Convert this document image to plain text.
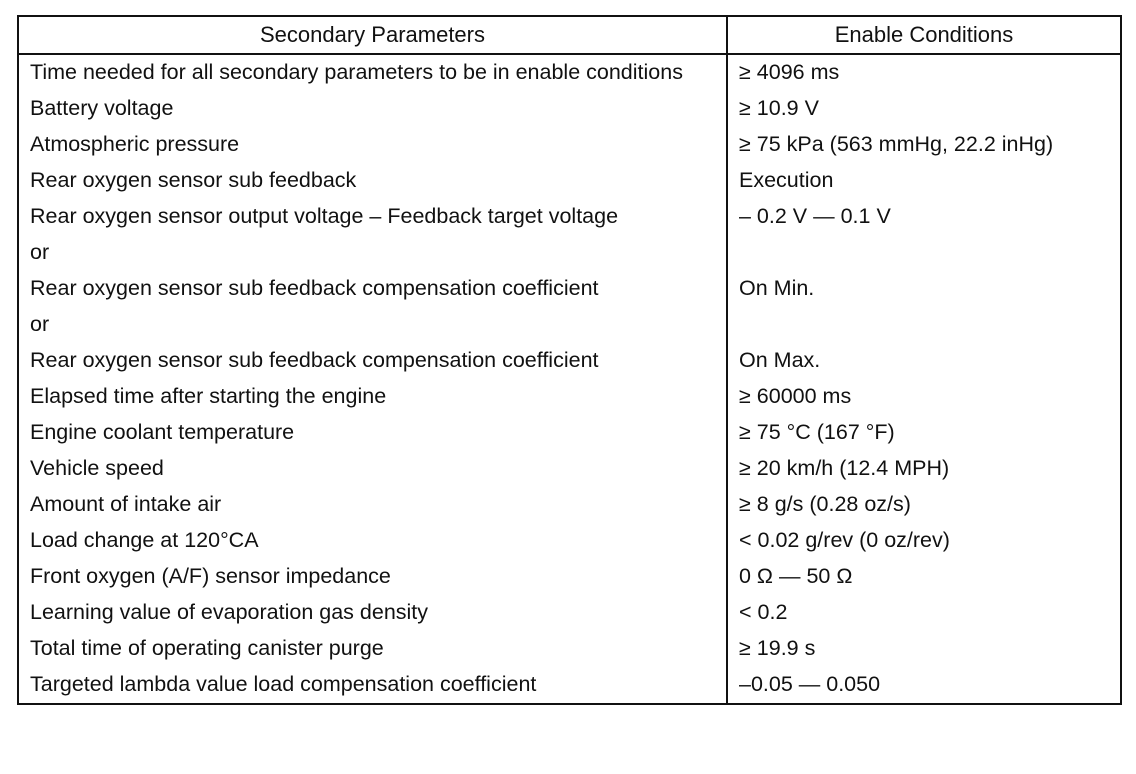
Secondary Parameters	Enable Conditions
Time needed for all secondary parameters to be in enable conditions	≥ 4096 ms
Battery voltage	≥ 10.9 V
Atmospheric pressure	≥ 75 kPa (563 mmHg, 22.2 inHg)
Rear oxygen sensor sub feedback	Execution
Rear oxygen sensor output voltage – Feedback target voltage	– 0.2 V — 0.1 V
or	
Rear oxygen sensor sub feedback compensation coefficient	On Min.
or	
Rear oxygen sensor sub feedback compensation coefficient	On Max.
Elapsed time after starting the engine	≥ 60000 ms
Engine coolant temperature	≥ 75 °C (167 °F)
Vehicle speed	≥ 20 km/h (12.4 MPH)
Amount of intake air	≥ 8 g/s (0.28 oz/s)
Load change at 120°CA	< 0.02 g/rev (0 oz/rev)
Front oxygen (A/F) sensor impedance	0 Ω — 50 Ω
Learning value of evaporation gas density	< 0.2
Total time of operating canister purge	≥ 19.9 s
Targeted lambda value load compensation coefficient	–0.05 — 0.050
